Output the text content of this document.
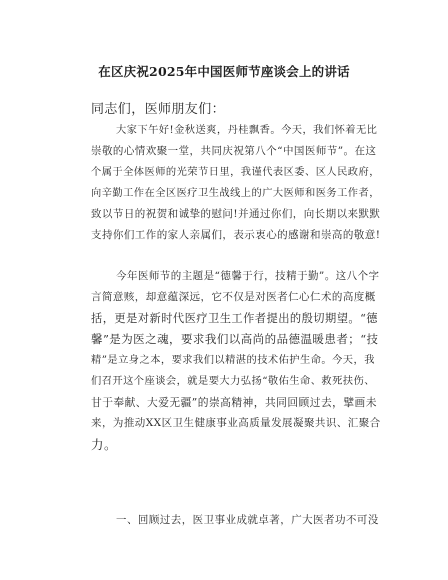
在区庆祝2025年中国医师节座谈会上的讲话
同志们，医师朋友们：
大家下午好!金秋送爽，丹桂飘香。今天，我们怀着无比
崇敬的心情欢聚一堂，共同庆祝第八个“中国医师节”。在这
个属于全体医师的光荣节日里，我谨代表区委、区人民政府，
向辛勤工作在全区医疗卫生战线上的广大医师和医务工作者，
致以节日的祝贺和诚挚的慰问!并通过你们，向长期以来默默
支持你们工作的家人亲属们，表示衷心的感谢和崇高的敬意!
今年医师节的主题是“德馨于行，技精于勤”。这八个字
言简意赅，却意蕴深远，它不仅是对医者仁心仁术的高度概
括，更是对新时代医疗卫生工作者提出的殷切期望。“德
馨”是为医之魂，要求我们以高尚的品德温暖患者；“技
精”是立身之本，要求我们以精湛的技术佑护生命。今天，我
们召开这个座谈会，就是要大力弘扬“敬佑生命、救死扶伤、
甘于奉献、大爱无疆”的崇高精神，共同回顾过去，擘画未
来，为推动XX区卫生健康事业高质量发展凝聚共识、汇聚合
力。
一、回顾过去，医卫事业成就卓著，广大医者功不可没
